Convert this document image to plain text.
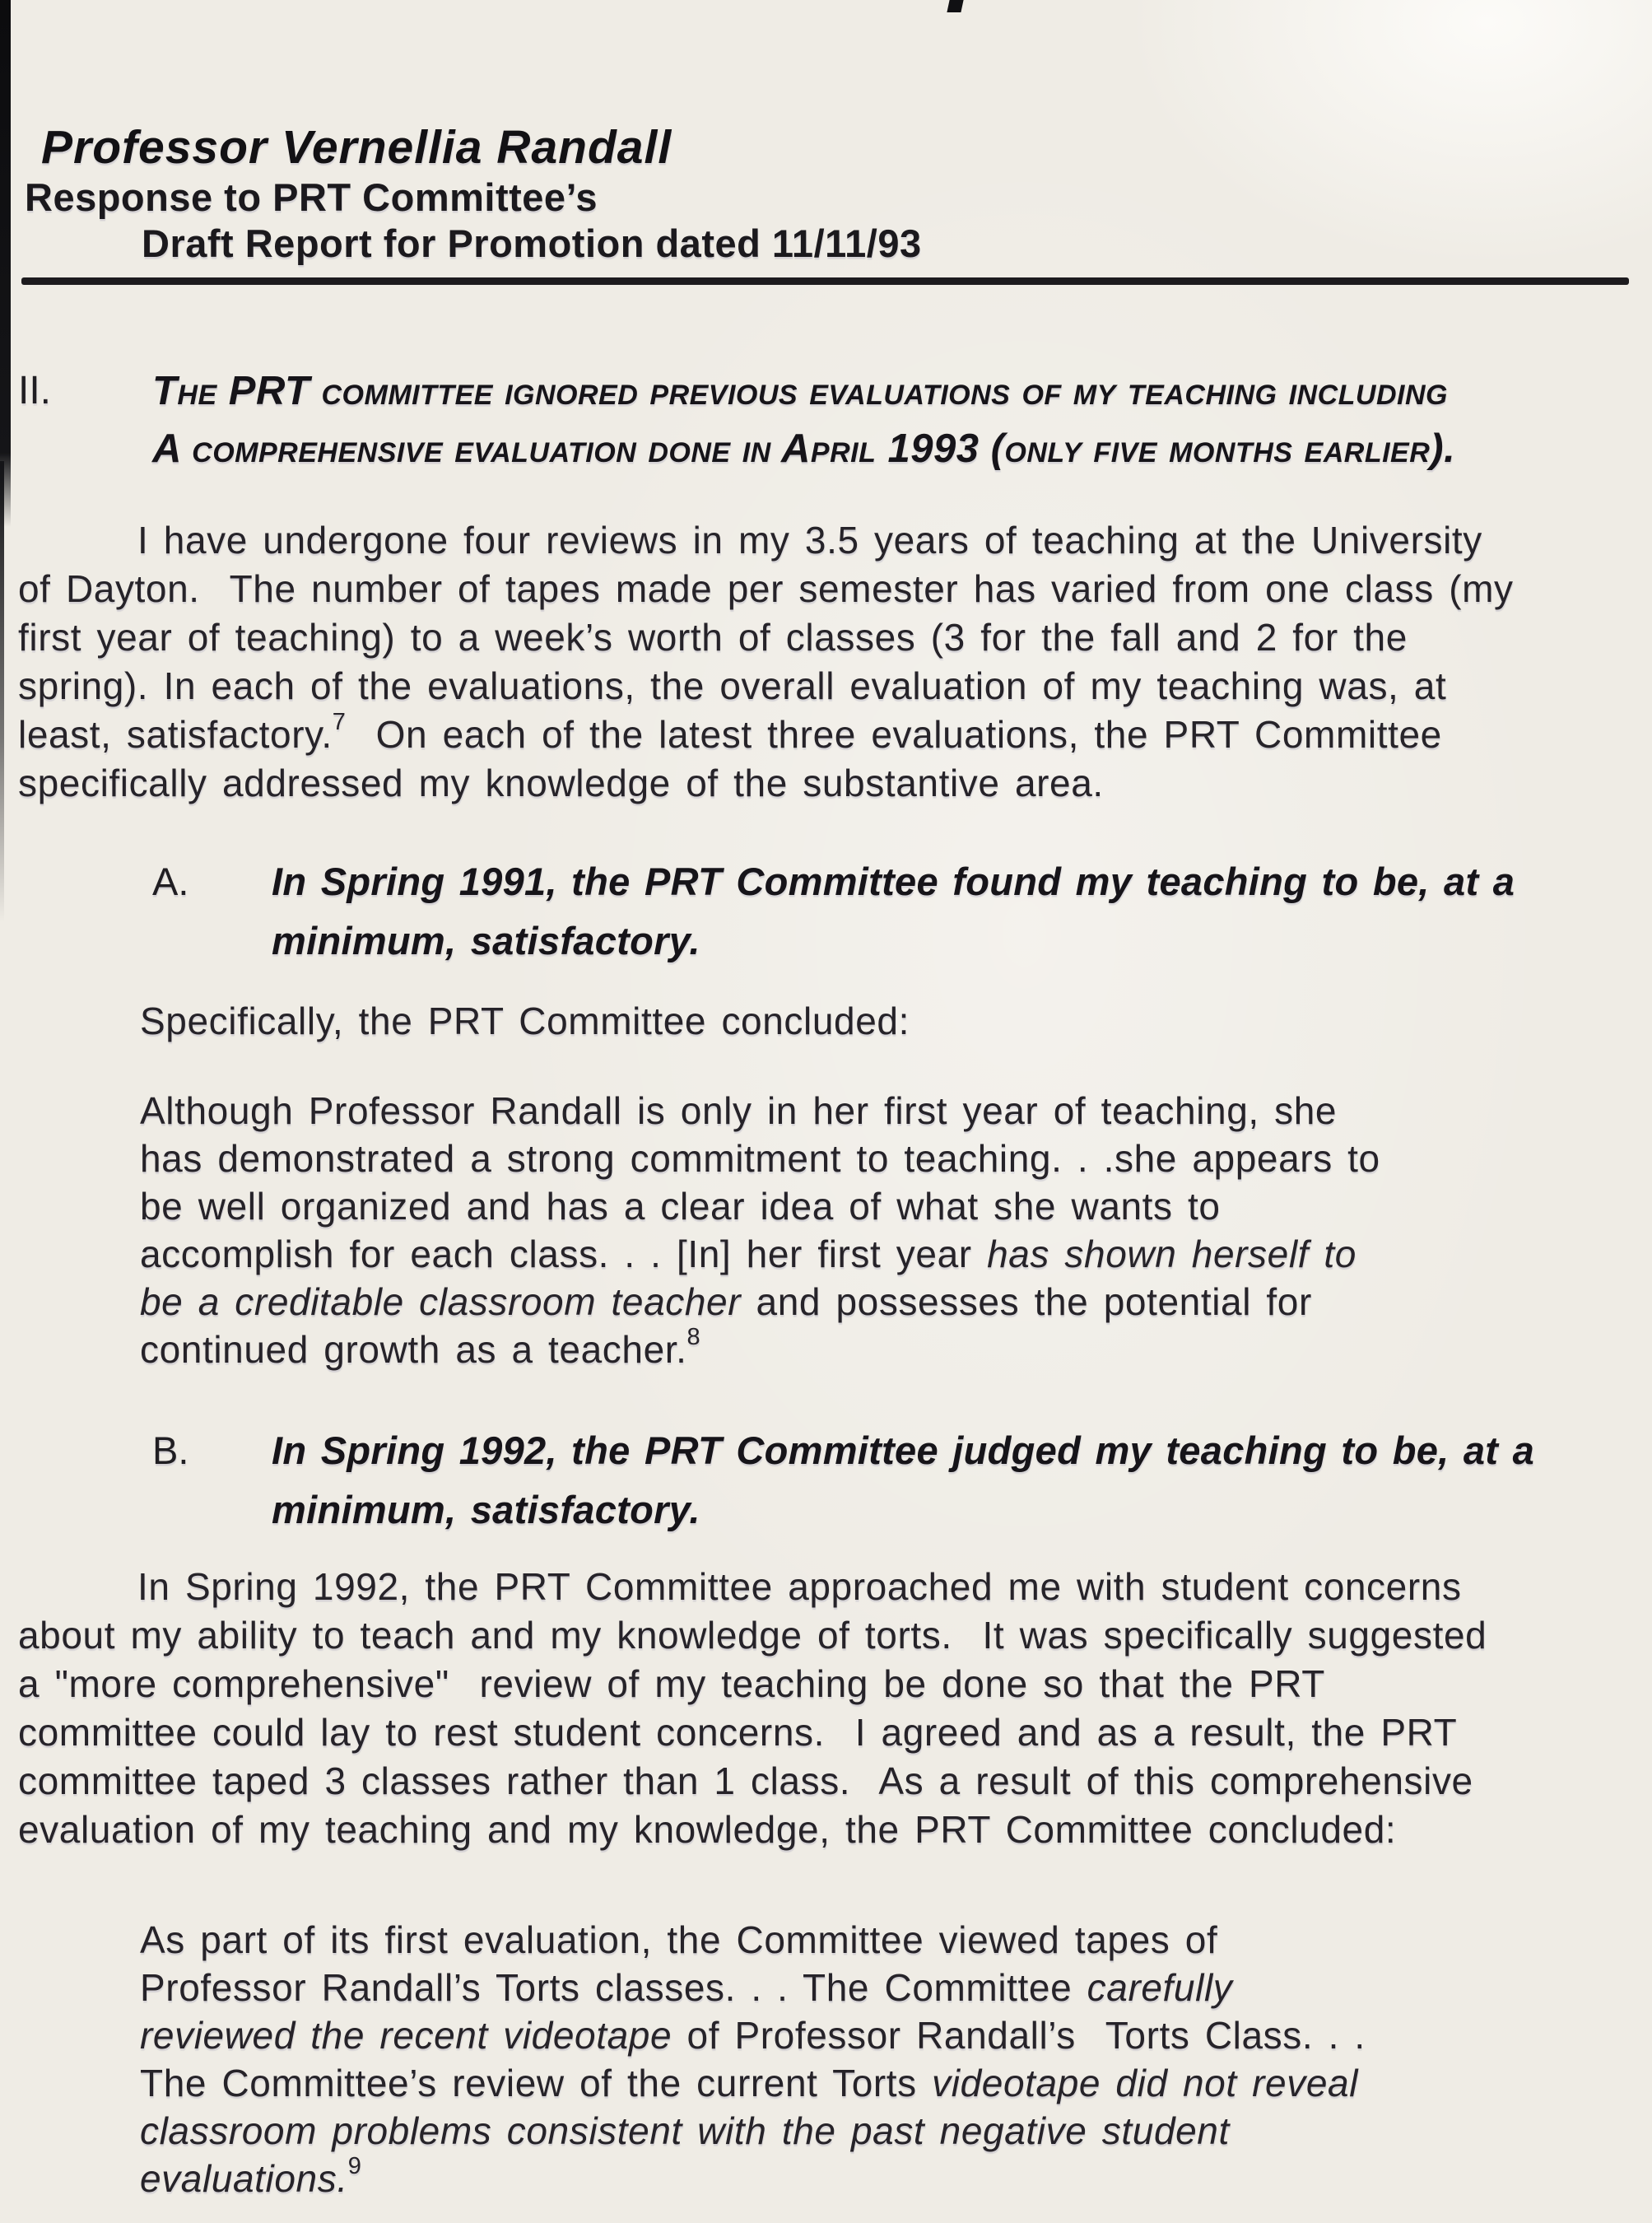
Professor Vernellia Randall
Response to PRT Committee’s
Draft Report for Promotion dated 11/11/93
II.	The PRT committee ignored previous evaluations of my teaching including
A comprehensive evaluation done in April 1993 (only five months earlier).
I have undergone four reviews in my 3.5 years of teaching at the University
of Dayton.  The number of tapes made per semester has varied from one class (my
first year of teaching) to a week’s worth of classes (3 for the fall and 2 for the
spring). In each of the evaluations, the overall evaluation of my teaching was, at
least, satisfactory.$^7$  On each of the latest three evaluations, the PRT Committee
specifically addressed my knowledge of the substantive area.
A.	In Spring 1991, the PRT Committee found my teaching to be, at a
minimum, satisfactory.
Specifically, the PRT Committee concluded:
Although Professor Randall is only in her first year of teaching, she
has demonstrated a strong commitment to teaching. . .she appears to
be well organized and has a clear idea of what she wants to
accomplish for each class. . . [In] her first year has shown herself to
be a creditable classroom teacher and possesses the potential for
continued growth as a teacher.$^8$
B.	In Spring 1992, the PRT Committee judged my teaching to be, at a
minimum, satisfactory.
In Spring 1992, the PRT Committee approached me with student concerns
about my ability to teach and my knowledge of torts.  It was specifically suggested
a "more comprehensive"  review of my teaching be done so that the PRT
committee could lay to rest student concerns.  I agreed and as a result, the PRT
committee taped 3 classes rather than 1 class.  As a result of this comprehensive
evaluation of my teaching and my knowledge, the PRT Committee concluded:
As part of its first evaluation, the Committee viewed tapes of
Professor Randall’s Torts classes. . . The Committee carefully
reviewed the recent videotape of Professor Randall’s  Torts Class. . .
The Committee’s review of the current Torts videotape did not reveal
classroom problems consistent with the past negative student
evaluations.$^9$
